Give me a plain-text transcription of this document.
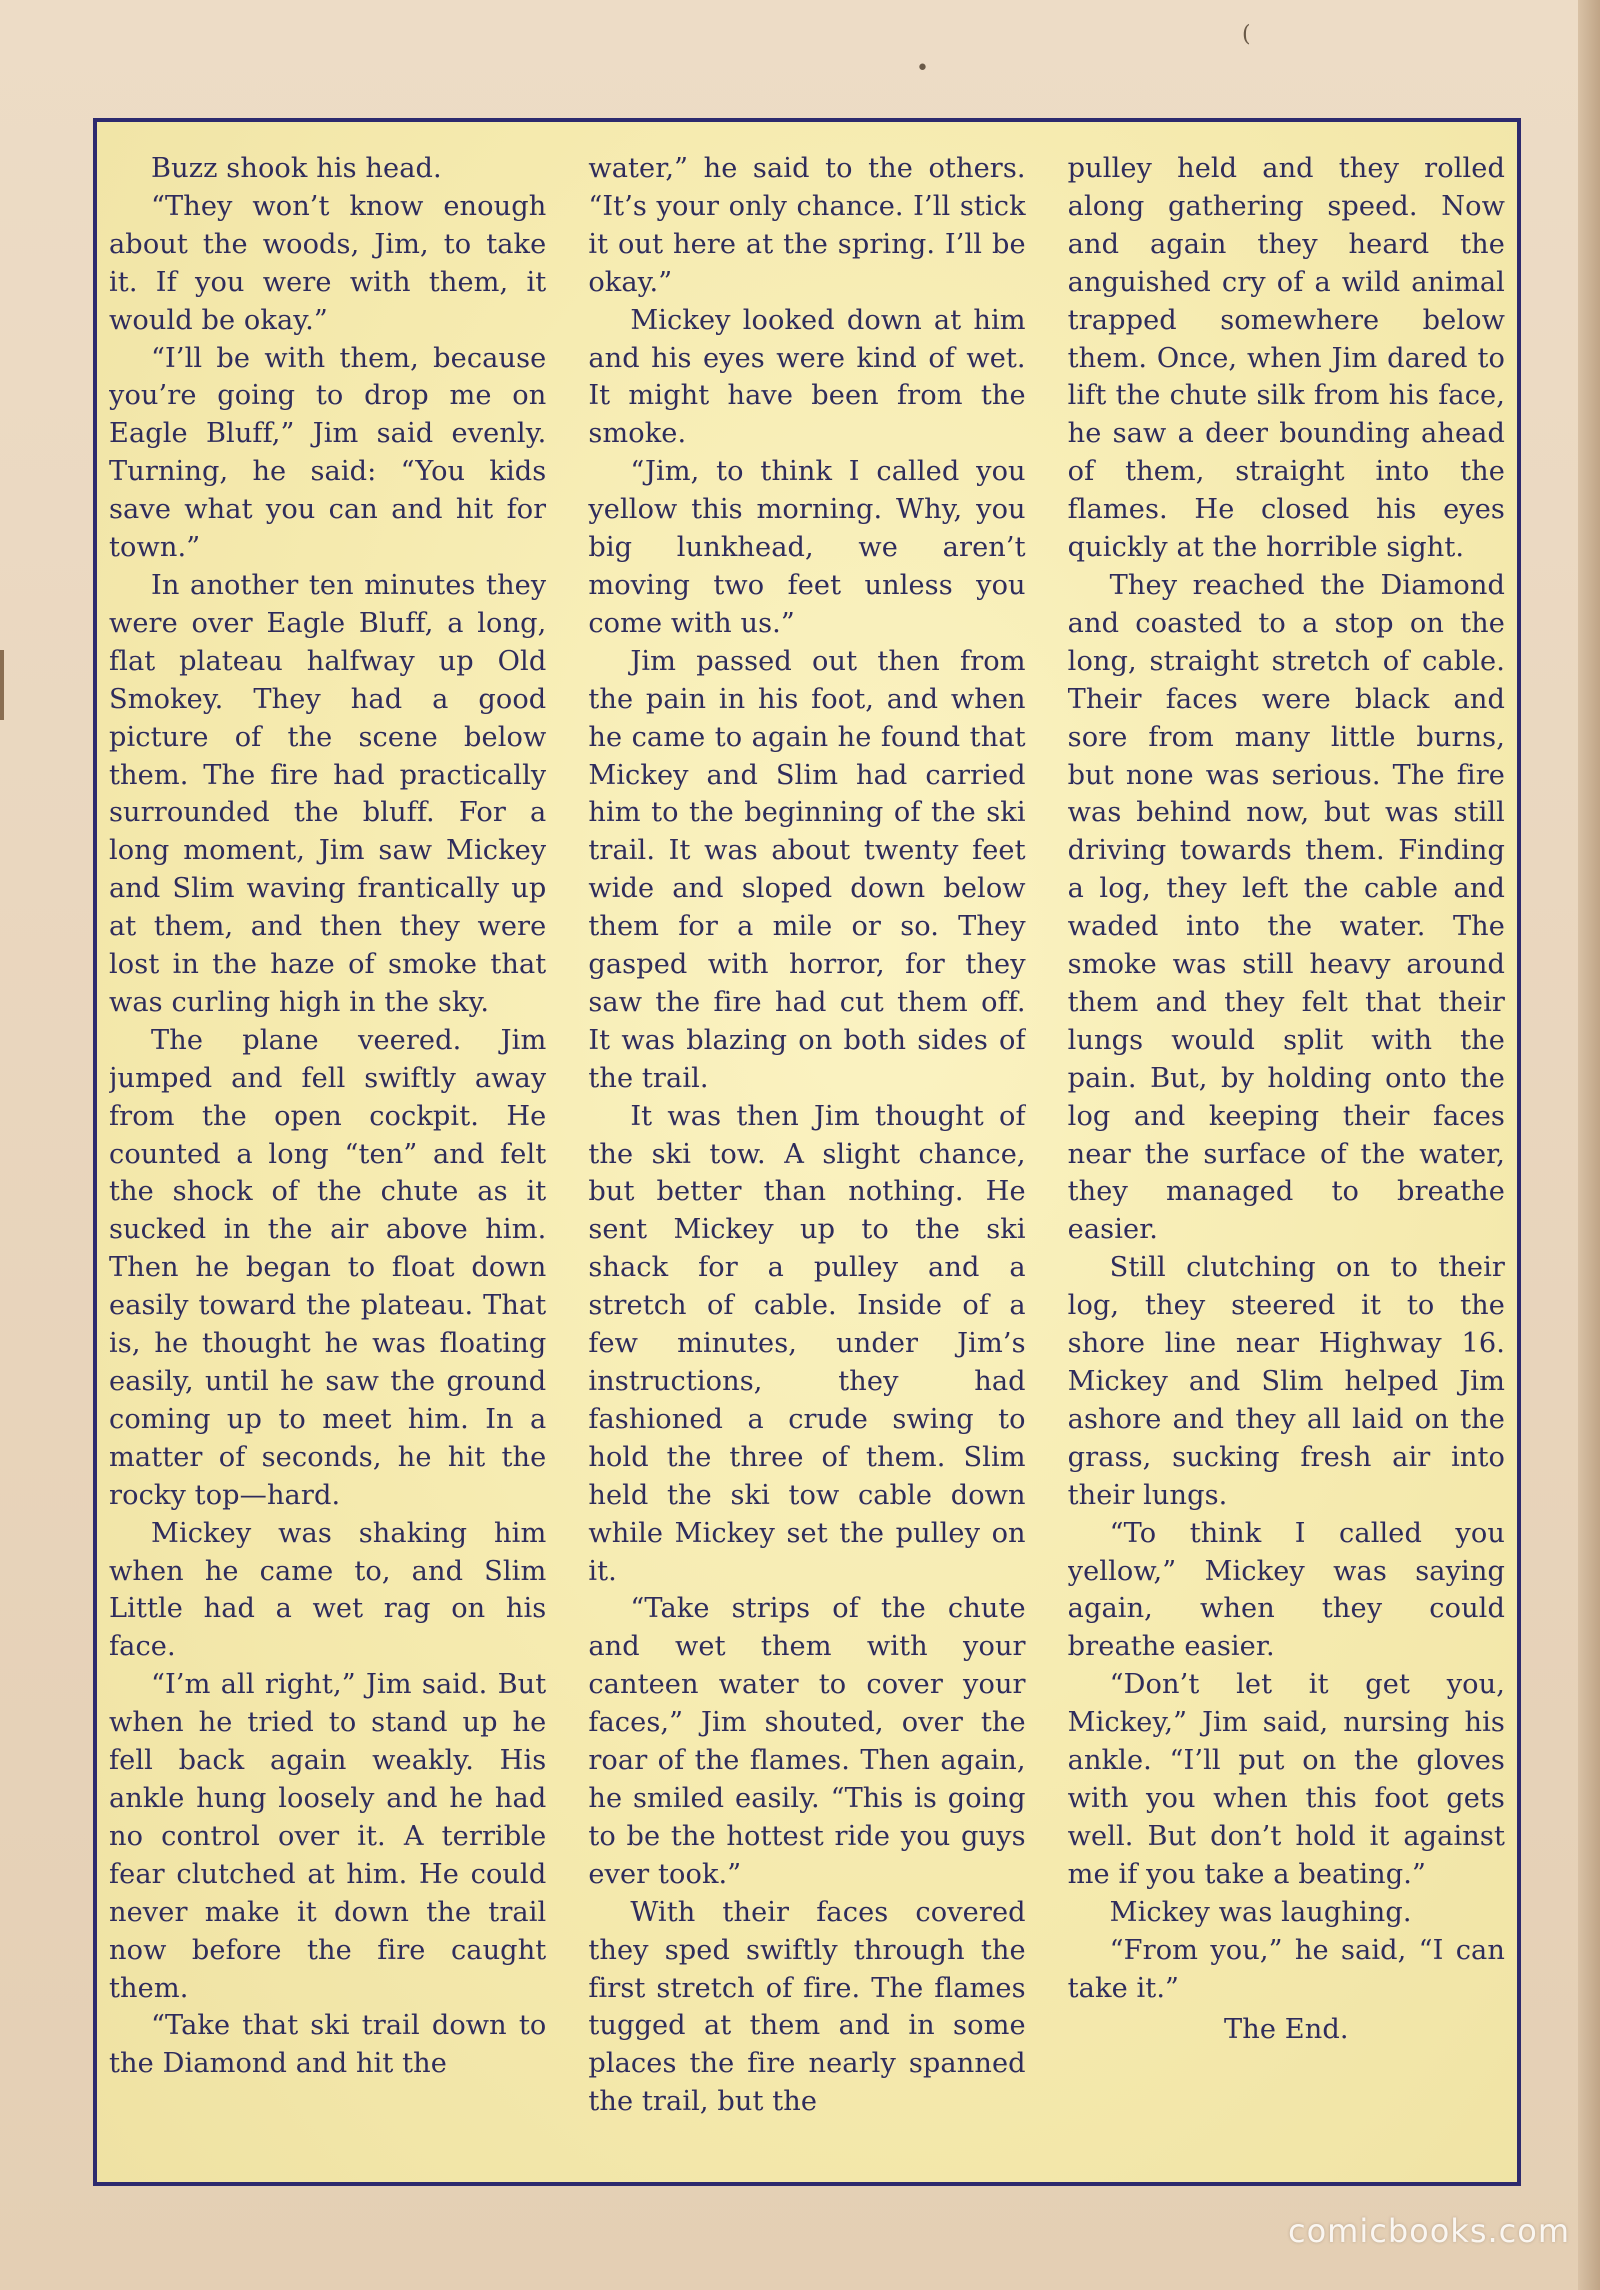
(
•

Buzz shook his head.

“They won’t know enough about the woods, Jim, to take it. If you were with them, it would be okay.”

“I’ll be with them, because you’re going to drop me on Eagle Bluff,” Jim said evenly. Turning, he said: “You kids save what you can and hit for town.”

In another ten minutes they were over Eagle Bluff, a long, flat plateau halfway up Old Smokey. They had a good picture of the scene below them. The fire had practically surrounded the bluff. For a long moment, Jim saw Mickey and Slim waving frantically up at them, and then they were lost in the haze of smoke that was curling high in the sky.

The plane veered. Jim jumped and fell swiftly away from the open cockpit. He counted a long “ten” and felt the shock of the chute as it sucked in the air above him. Then he began to float down easily toward the plateau. That is, he thought he was floating easily, until he saw the ground coming up to meet him. In a matter of seconds, he hit the rocky top—hard.

Mickey was shaking him when he came to, and Slim Little had a wet rag on his face.

“I’m all right,” Jim said. But when he tried to stand up he fell back again weakly. His ankle hung loosely and he had no control over it. A terrible fear clutched at him. He could never make it down the trail now before the fire caught them.

“Take that ski trail down to the Diamond and hit the

water,” he said to the others. “It’s your only chance. I’ll stick it out here at the spring. I’ll be okay.”

Mickey looked down at him and his eyes were kind of wet. It might have been from the smoke.

“Jim, to think I called you yellow this morning. Why, you big lunkhead, we aren’t moving two feet unless you come with us.”

Jim passed out then from the pain in his foot, and when he came to again he found that Mickey and Slim had carried him to the beginning of the ski trail. It was about twenty feet wide and sloped down below them for a mile or so. They gasped with horror, for they saw the fire had cut them off. It was blazing on both sides of the trail.

It was then Jim thought of the ski tow. A slight chance, but better than nothing. He sent Mickey up to the ski shack for a pulley and a stretch of cable. Inside of a few minutes, under Jim’s instructions, they had fashioned a crude swing to hold the three of them. Slim held the ski tow cable down while Mickey set the pulley on it.

“Take strips of the chute and wet them with your canteen water to cover your faces,” Jim shouted, over the roar of the flames. Then again, he smiled easily. “This is going to be the hottest ride you guys ever took.”

With their faces covered they sped swiftly through the first stretch of fire. The flames tugged at them and in some places the fire nearly spanned the trail, but the

pulley held and they rolled along gathering speed. Now and again they heard the anguished cry of a wild animal trapped somewhere below them. Once, when Jim dared to lift the chute silk from his face, he saw a deer bounding ahead of them, straight into the flames. He closed his eyes quickly at the horrible sight.

They reached the Diamond and coasted to a stop on the long, straight stretch of cable. Their faces were black and sore from many little burns, but none was serious. The fire was behind now, but was still driving towards them. Finding a log, they left the cable and waded into the water. The smoke was still heavy around them and they felt that their lungs would split with the pain. But, by holding onto the log and keeping their faces near the surface of the water, they managed to breathe easier.

Still clutching on to their log, they steered it to the shore line near Highway 16. Mickey and Slim helped Jim ashore and they all laid on the grass, sucking fresh air into their lungs.

“To think I called you yellow,” Mickey was saying again, when they could breathe easier.

“Don’t let it get you, Mickey,” Jim said, nursing his ankle. “I’ll put on the gloves with you when this foot gets well. But don’t hold it against me if you take a beating.”

Mickey was laughing.

“From you,” he said, “I can take it.”

The End.

comicbooks.com
